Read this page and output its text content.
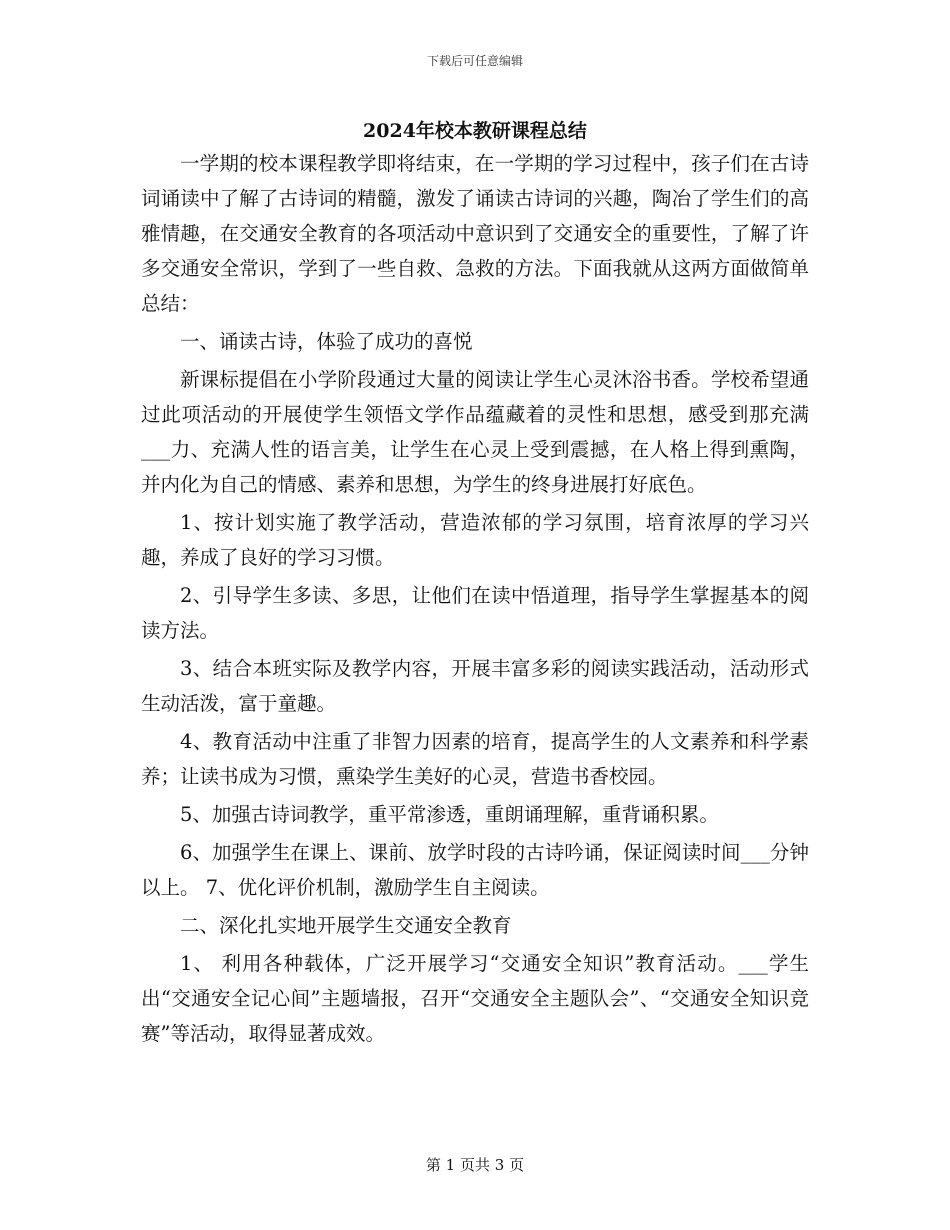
下载后可任意编辑
2024年校本教研课程总结

一学期的校本课程教学即将结束，在一学期的学习过程中，孩子们在古诗词诵读中了解了古诗词的精髓，激发了诵读古诗词的兴趣，陶冶了学生们的高雅情趣，在交通安全教育的各项活动中意识到了交通安全的重要性，了解了许多交通安全常识，学到了一些自救、急救的方法。下面我就从这两方面做简单总结：

一、诵读古诗，体验了成功的喜悦

新课标提倡在小学阶段通过大量的阅读让学生心灵沐浴书香。学校希望通过此项活动的开展使学生领悟文学作品蕴藏着的灵性和思想，感受到那充满___力、充满人性的语言美，让学生在心灵上受到震撼，在人格上得到熏陶，并内化为自己的情感、素养和思想，为学生的终身进展打好底色。

1、按计划实施了教学活动，营造浓郁的学习氛围，培育浓厚的学习兴趣，养成了良好的学习习惯。

2、引导学生多读、多思，让他们在读中悟道理，指导学生掌握基本的阅读方法。

3、结合本班实际及教学内容，开展丰富多彩的阅读实践活动，活动形式生动活泼，富于童趣。

4、教育活动中注重了非智力因素的培育，提高学生的人文素养和科学素养；让读书成为习惯，熏染学生美好的心灵，营造书香校园。

5、加强古诗词教学，重平常渗透，重朗诵理解，重背诵积累。

6、加强学生在课上、课前、放学时段的古诗吟诵，保证阅读时间___分钟以上。 7、优化评价机制，激励学生自主阅读。

二、深化扎实地开展学生交通安全教育

1、 利用各种载体，广泛开展学习“交通安全知识”教育活动。___学生出“交通安全记心间”主题墙报，召开“交通安全主题队会”、“交通安全知识竞赛”等活动，取得显著成效。

第 1 页共 3 页
